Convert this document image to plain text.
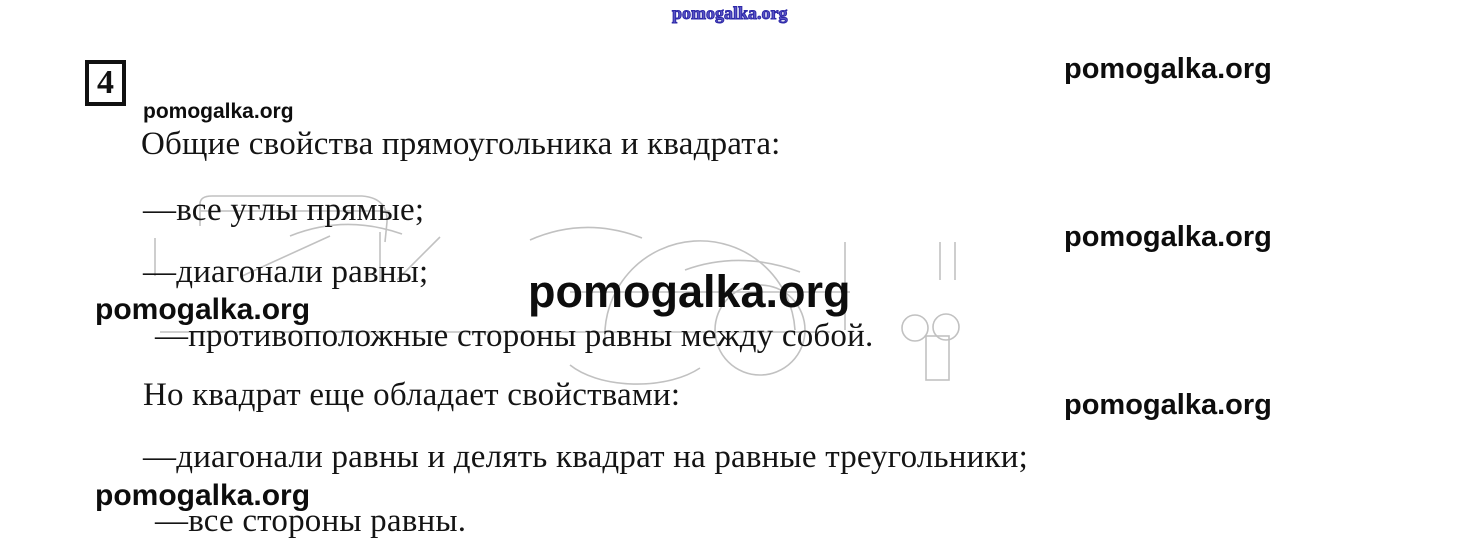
pomogalka.org
pomogalka.org
pomogalka.org
pomogalka.org
pomogalka.org	pomogalka.org
pomogalka.org
pomogalka.org
4
Общие свойства прямоугольника и квадрата:
—все углы прямые;
—диагонали равны;
—противоположные стороны равны между собой.
Но квадрат еще обладает свойствами:
—диагонали равны и делять квадрат на равные треугольники;
—все стороны равны.
